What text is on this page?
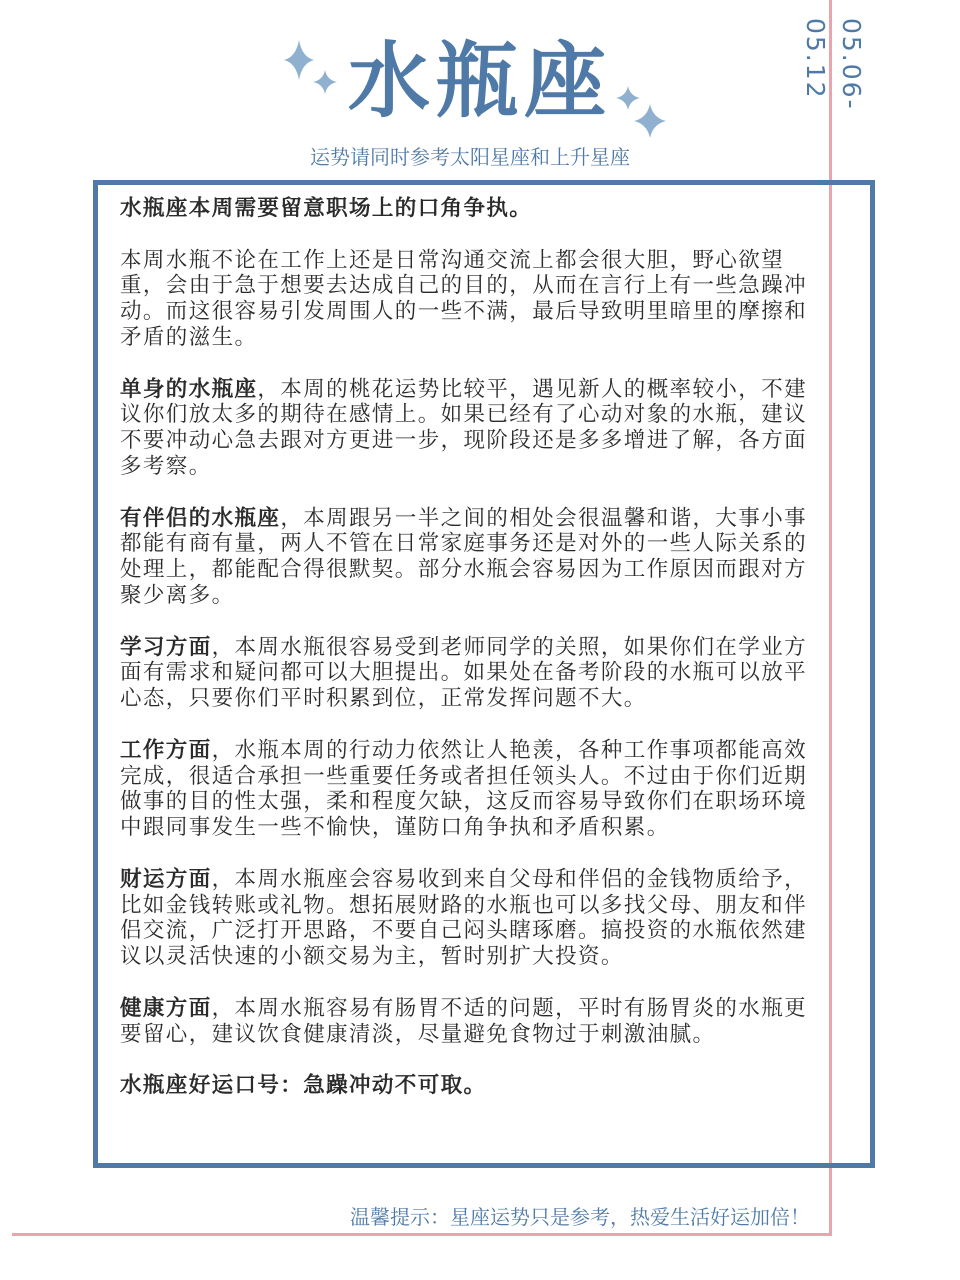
水瓶座
运势请同时参考太阳星座和上升星座
05.06-05.12

水瓶座本周需要留意职场上的口角争执。

本周水瓶不论在工作上还是日常沟通交流上都会很大胆，野心欲望重，会由于急于想要去达成自己的目的，从而在言行上有一些急躁冲动。而这很容易引发周围人的一些不满，最后导致明里暗里的摩擦和矛盾的滋生。

单身的水瓶座，本周的桃花运势比较平，遇见新人的概率较小，不建议你们放太多的期待在感情上。如果已经有了心动对象的水瓶，建议不要冲动心急去跟对方更进一步，现阶段还是多多增进了解，各方面多考察。

有伴侣的水瓶座，本周跟另一半之间的相处会很温馨和谐，大事小事都能有商有量，两人不管在日常家庭事务还是对外的一些人际关系的处理上，都能配合得很默契。部分水瓶会容易因为工作原因而跟对方聚少离多。

学习方面，本周水瓶很容易受到老师同学的关照，如果你们在学业方面有需求和疑问都可以大胆提出。如果处在备考阶段的水瓶可以放平心态，只要你们平时积累到位，正常发挥问题不大。

工作方面，水瓶本周的行动力依然让人艳羡，各种工作事项都能高效完成，很适合承担一些重要任务或者担任领头人。不过由于你们近期做事的目的性太强，柔和程度欠缺，这反而容易导致你们在职场环境中跟同事发生一些不愉快，谨防口角争执和矛盾积累。

财运方面，本周水瓶座会容易收到来自父母和伴侣的金钱物质给予，比如金钱转账或礼物。想拓展财路的水瓶也可以多找父母、朋友和伴侣交流，广泛打开思路，不要自己闷头瞎琢磨。搞投资的水瓶依然建议以灵活快速的小额交易为主，暂时别扩大投资。

健康方面，本周水瓶容易有肠胃不适的问题，平时有肠胃炎的水瓶更要留心，建议饮食健康清淡，尽量避免食物过于刺激油腻。

水瓶座好运口号：急躁冲动不可取。

温馨提示：星座运势只是参考，热爱生活好运加倍！
